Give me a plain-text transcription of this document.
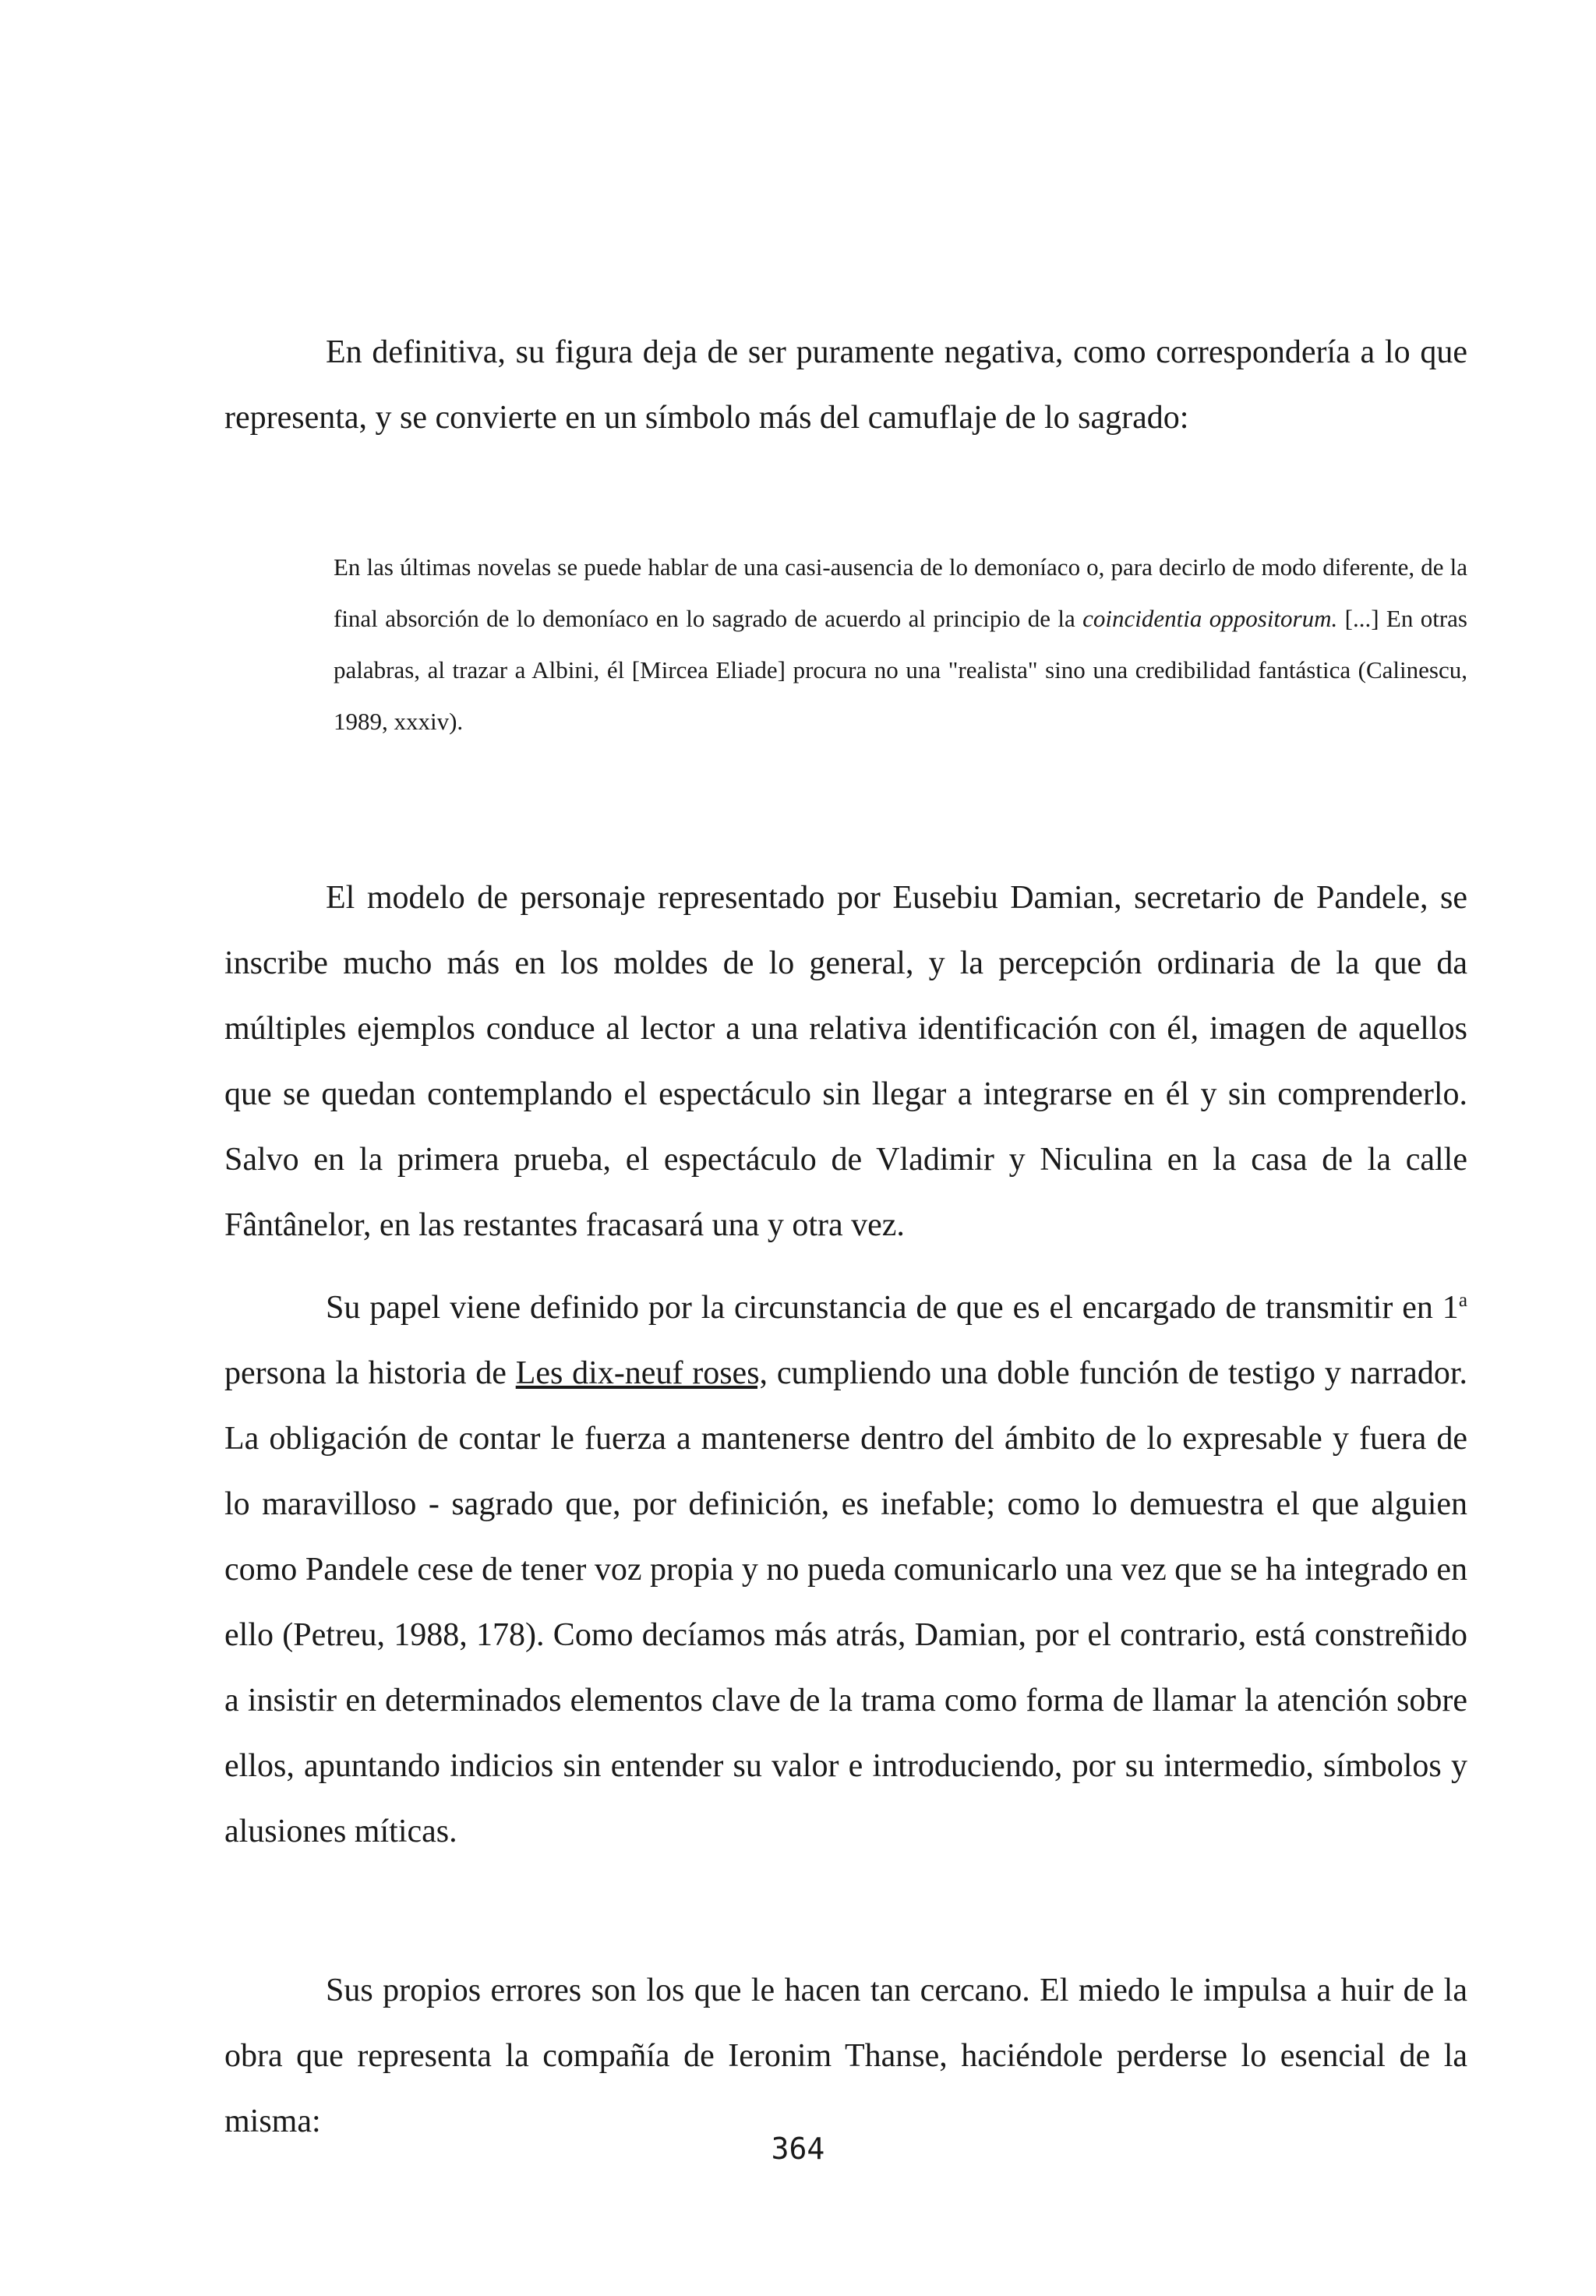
En definitiva, su figura deja de ser puramente negativa, como correspondería a lo que representa, y se convierte en un símbolo más del camuflaje de lo sagrado:

En las últimas novelas se puede hablar de una casi-ausencia de lo demoníaco o, para decirlo de modo diferente, de la final absorción de lo demoníaco en lo sagrado de acuerdo al principio de la coincidentia oppositorum. [...] En otras palabras, al trazar a Albini, él [Mircea Eliade] procura no una "realista" sino una credibilidad fantástica (Calinescu, 1989, xxxiv).

El modelo de personaje representado por Eusebiu Damian, secretario de Pandele, se inscribe mucho más en los moldes de lo general, y la percepción ordinaria de la que da múltiples ejemplos conduce al lector a una relativa identificación con él, imagen de aquellos que se quedan contemplando el espectáculo sin llegar a integrarse en él y sin comprenderlo. Salvo en la primera prueba, el espectáculo de Vladimir y Niculina en la casa de la calle Fântânelor, en las restantes fracasará una y otra vez.

Su papel viene definido por la circunstancia de que es el encargado de transmitir en 1$^a$ persona la historia de Les dix-neuf roses, cumpliendo una doble función de testigo y narrador. La obligación de contar le fuerza a mantenerse dentro del ámbito de lo expresable y fuera de lo maravilloso - sagrado que, por definición, es inefable; como lo demuestra el que alguien como Pandele cese de tener voz propia y no pueda comunicarlo una vez que se ha integrado en ello (Petreu, 1988, 178). Como decíamos más atrás, Damian, por el contrario, está constreñido a insistir en determinados elementos clave de la trama como forma de llamar la atención sobre ellos, apuntando indicios sin entender su valor e introduciendo, por su intermedio, símbolos y alusiones míticas.

Sus propios errores son los que le hacen tan cercano. El miedo le impulsa a huir de la obra que representa la compañía de Ieronim Thanse, haciéndole perderse lo esencial de la misma:

364
